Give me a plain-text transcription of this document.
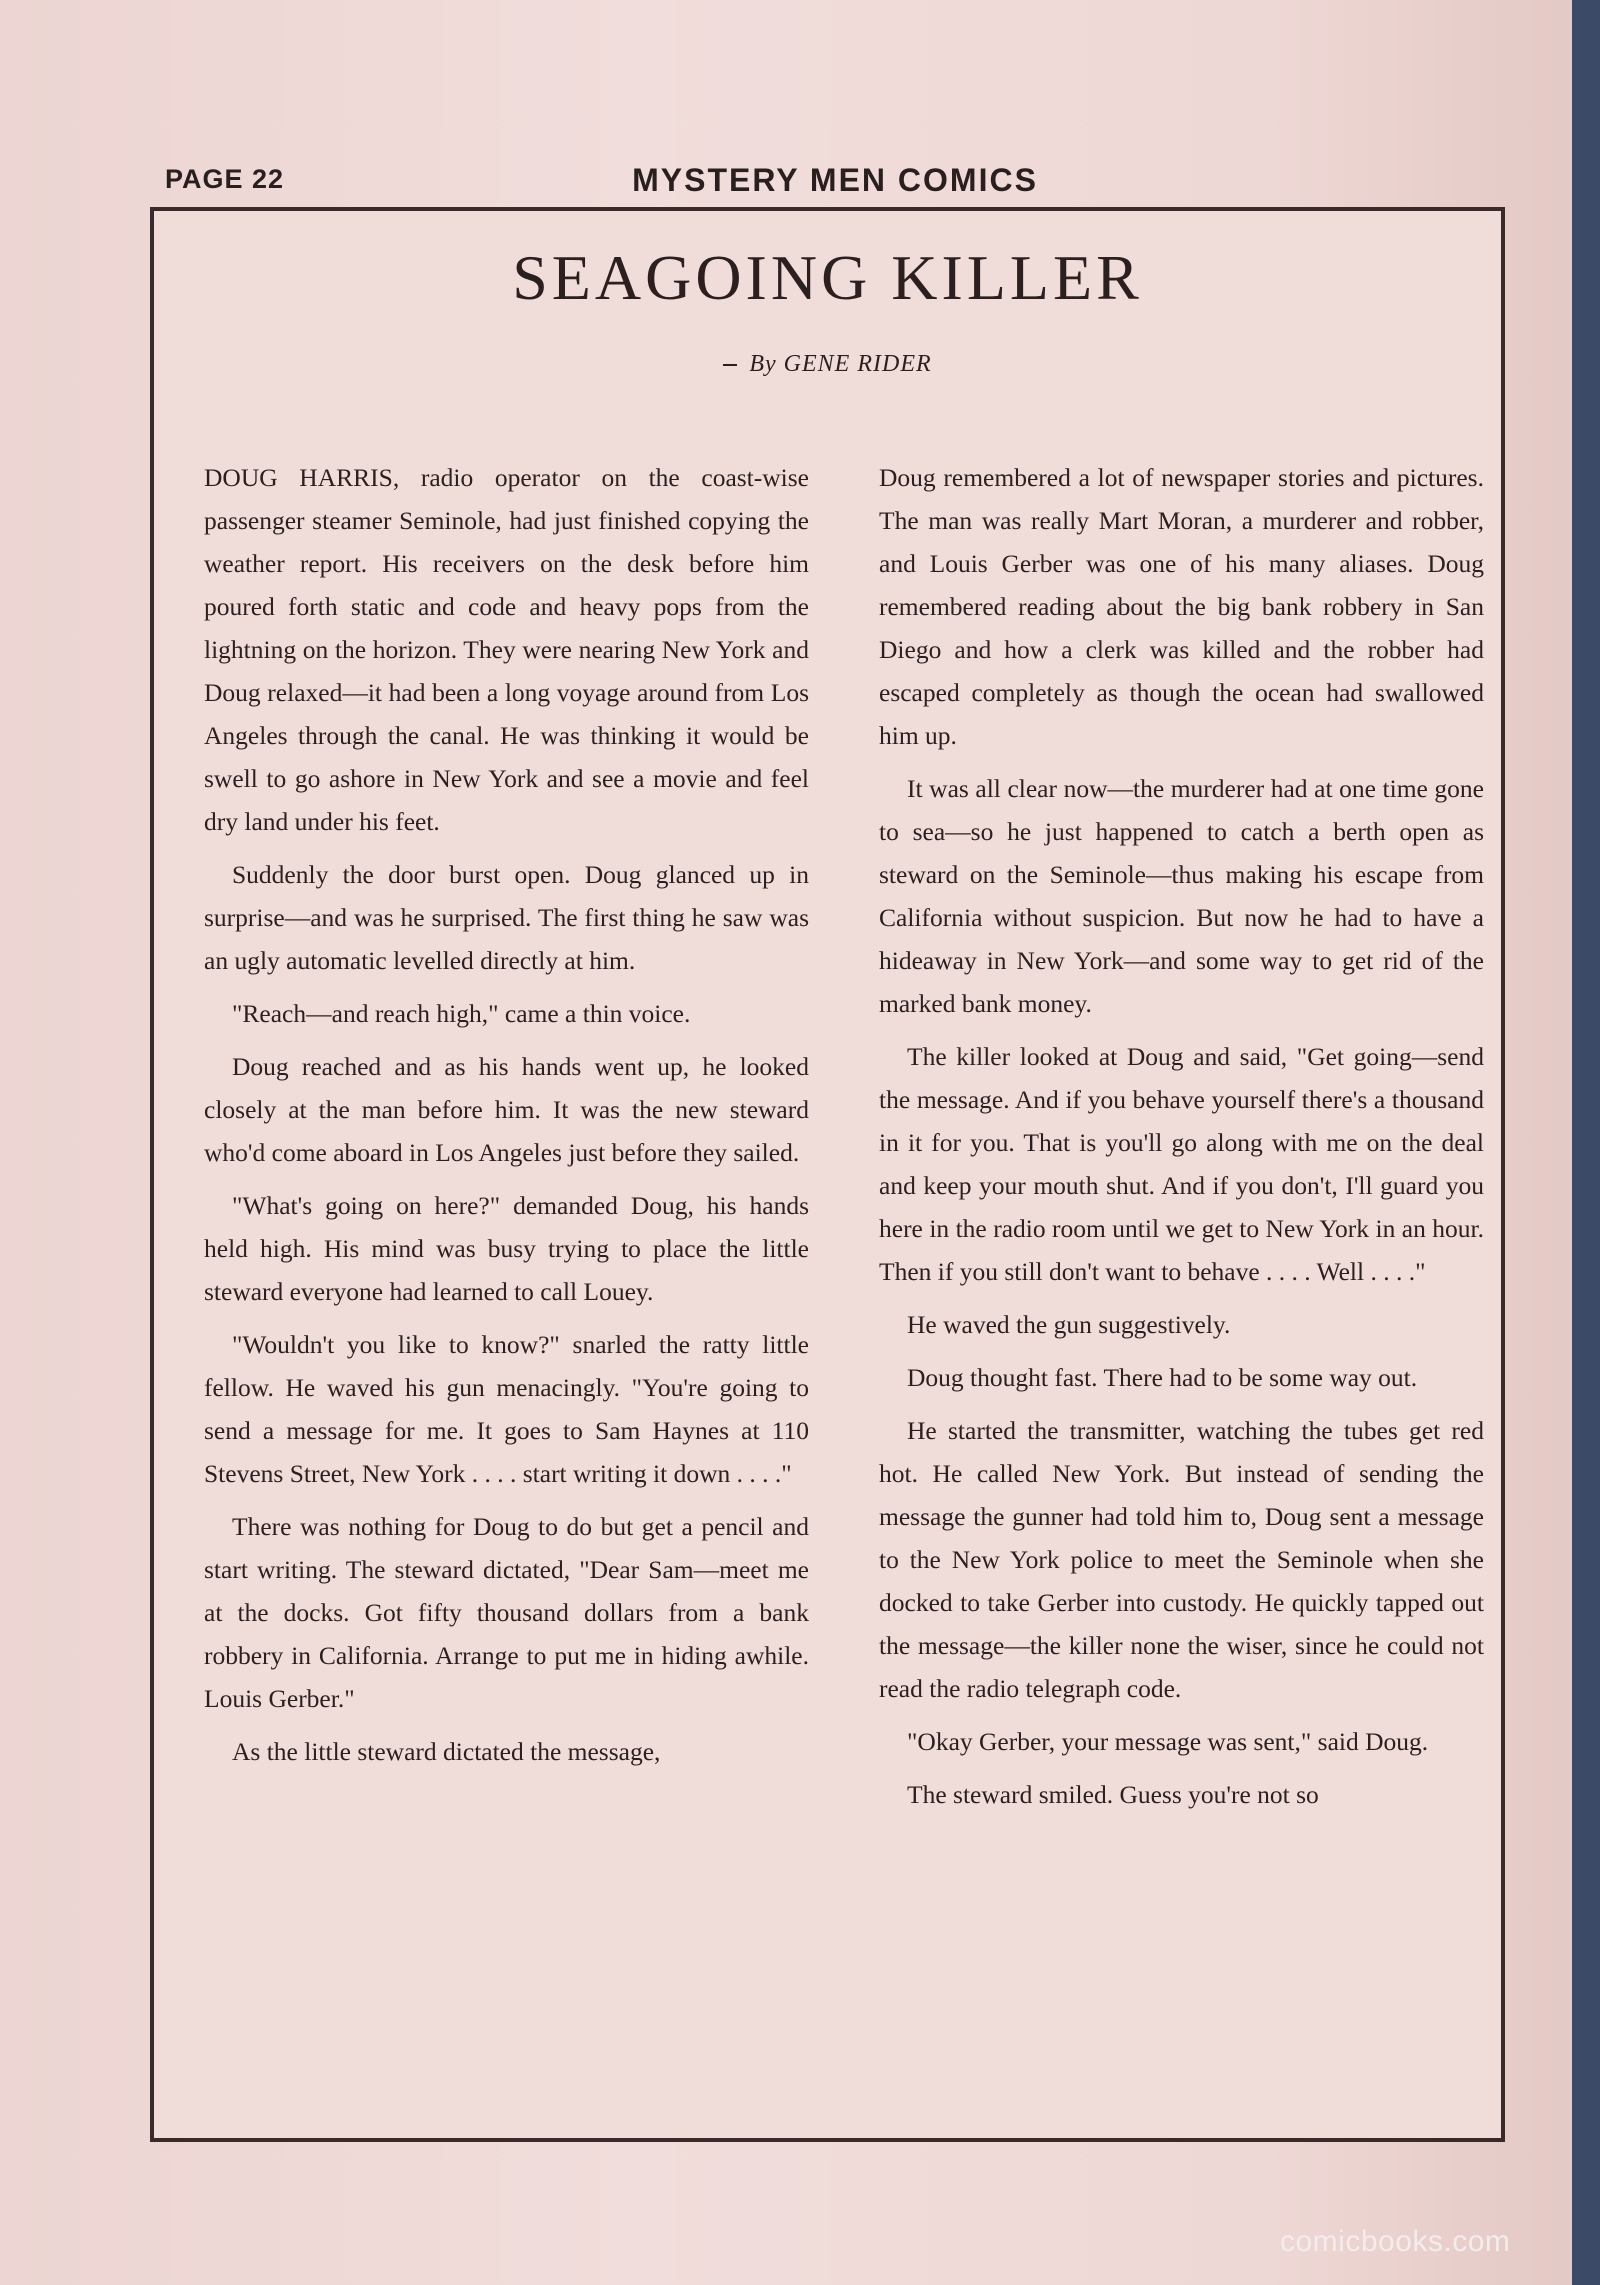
PAGE 22	MYSTERY MEN COMICS
SEAGOING KILLER
By GENE RIDER

DOUG HARRIS, radio operator on the coast-wise passenger steamer Seminole, had just finished copying the weather report. His receivers on the desk before him poured forth static and code and heavy pops from the lightning on the horizon. They were nearing New York and Doug relaxed—it had been a long voyage around from Los Angeles through the canal. He was thinking it would be swell to go ashore in New York and see a movie and feel dry land under his feet.

Suddenly the door burst open. Doug glanced up in surprise—and was he surprised. The first thing he saw was an ugly automatic levelled directly at him.

"Reach—and reach high," came a thin voice.

Doug reached and as his hands went up, he looked closely at the man before him. It was the new steward who'd come aboard in Los Angeles just before they sailed.

"What's going on here?" demanded Doug, his hands held high. His mind was busy trying to place the little steward everyone had learned to call Louey.

"Wouldn't you like to know?" snarled the ratty little fellow. He waved his gun menacingly. "You're going to send a message for me. It goes to Sam Haynes at 110 Stevens Street, New York . . . . start writing it down . . . ."

There was nothing for Doug to do but get a pencil and start writing. The steward dictated, "Dear Sam—meet me at the docks. Got fifty thousand dollars from a bank robbery in California. Arrange to put me in hiding awhile. Louis Gerber."

As the little steward dictated the message,

Doug remembered a lot of newspaper stories and pictures. The man was really Mart Moran, a murderer and robber, and Louis Gerber was one of his many aliases. Doug remembered reading about the big bank robbery in San Diego and how a clerk was killed and the robber had escaped completely as though the ocean had swallowed him up.

It was all clear now—the murderer had at one time gone to sea—so he just happened to catch a berth open as steward on the Seminole—thus making his escape from California without suspicion. But now he had to have a hideaway in New York—and some way to get rid of the marked bank money.

The killer looked at Doug and said, "Get going—send the message. And if you behave yourself there's a thousand in it for you. That is you'll go along with me on the deal and keep your mouth shut. And if you don't, I'll guard you here in the radio room until we get to New York in an hour. Then if you still don't want to behave . . . . Well . . . ."

He waved the gun suggestively.

Doug thought fast. There had to be some way out.

He started the transmitter, watching the tubes get red hot. He called New York. But instead of sending the message the gunner had told him to, Doug sent a message to the New York police to meet the Seminole when she docked to take Gerber into custody. He quickly tapped out the message—the killer none the wiser, since he could not read the radio telegraph code.

"Okay Gerber, your message was sent," said Doug.

The steward smiled. Guess you're not so

comicbooks.com
